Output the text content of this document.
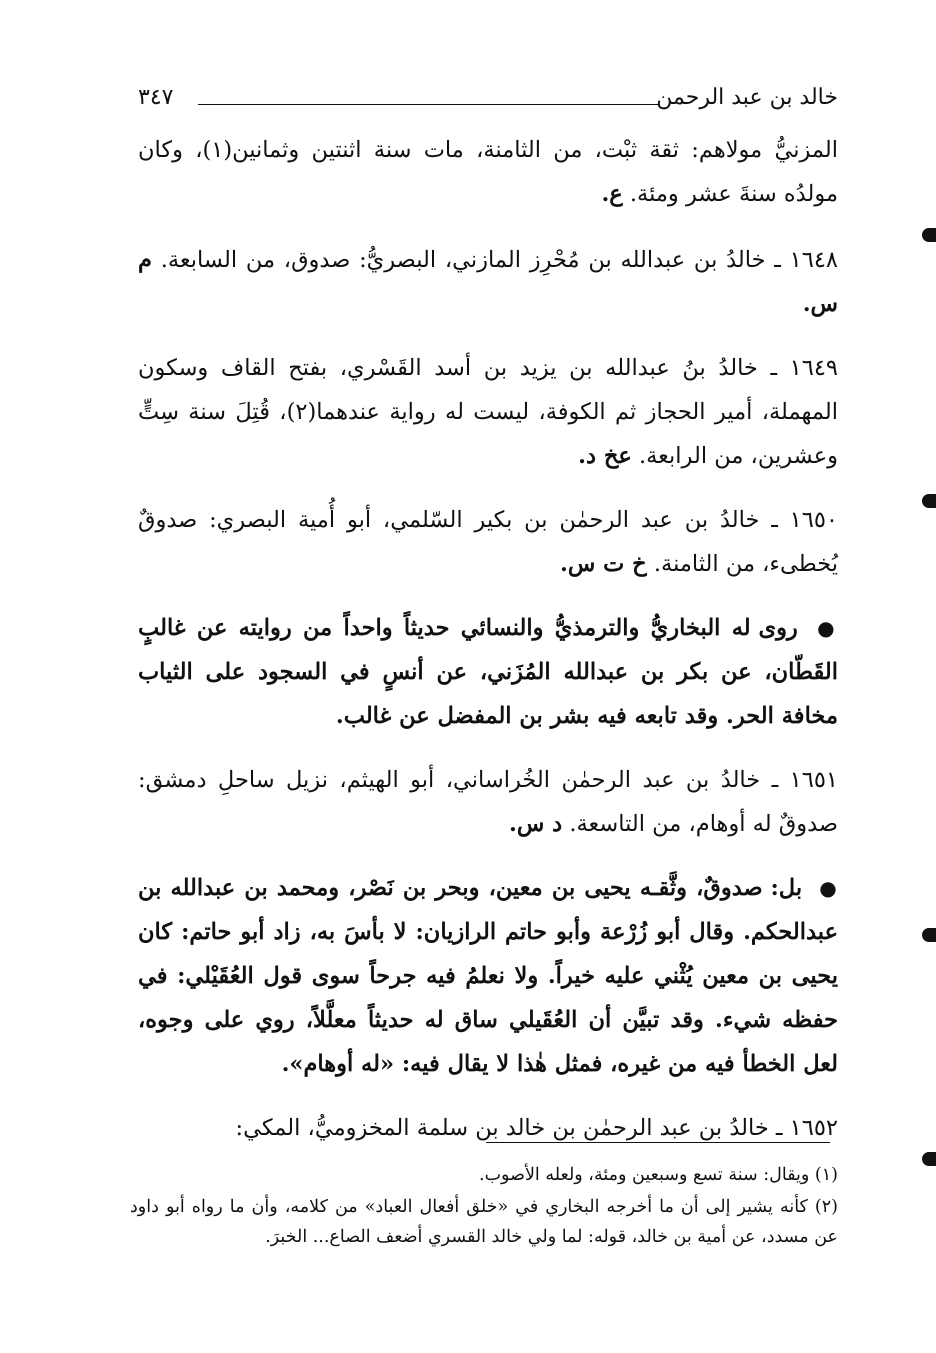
خالد بن عبد الرحمن
٣٤٧

المزنيُّ مولاهم: ثقة ثبْت، من الثامنة، مات سنة اثنتين وثمانين(١)، وكان مولدُه سنةَ عشر ومئة. ع.

١٦٤٨ ـ خالدُ بن عبدالله بن مُحْرِز المازني، البصريُّ: صدوق، من السابعة. م س.

١٦٤٩ ـ خالدُ بنُ عبدالله بن يزيد بن أسد القَسْري، بفتح القاف وسكون المهملة، أمير الحجاز ثم الكوفة، ليست له رواية عندهما(٢)، قُتِلَ سنة سِتٍّ وعشرين، من الرابعة. عخ د.

١٦٥٠ ـ خالدُ بن عبد الرحمٰن بن بكير السّلمي، أبو أُمية البصري: صدوقٌ يُخطىء، من الثامنة. خ ت س.

● روى له البخاريُّ والترمذيُّ والنسائي حديثاً واحداً من روايته عن غالبٍ القَطّان، عن بكر بن عبدالله المُزَني، عن أنسٍ في السجود على الثياب مخافة الحر. وقد تابعه فيه بشر بن المفضل عن غالب.

١٦٥١ ـ خالدُ بن عبد الرحمٰن الخُراساني، أبو الهيثم، نزيل ساحلِ دمشق: صدوقٌ له أوهام، من التاسعة. د س.

● بل: صدوقٌ، وثَّقـه يحيى بن معين، وبحر بن نَصْر، ومحمد بن عبدالله بن عبدالحكم. وقال أبو زُرْعة وأبو حاتم الرازيان: لا بأسَ به، زاد أبو حاتم: كان يحيى بن معين يُثْني عليه خيراً. ولا نعلمُ فيه جرحاً سوى قول العُقَيْلي: في حفظه شيء. وقد تبيَّن أن العُقَيلي ساق له حديثاً معلَّلاً، روي على وجوه، لعل الخطأ فيه من غيره، فمثل هٰذا لا يقال فيه: «له أوهام».

١٦٥٢ ـ خالدُ بن عبد الرحمٰن بن خالد بن سلمة المخزوميُّ، المكي:

(١) ويقال: سنة تسع وسبعين ومئة، ولعله الأصوب.

(٢) كأنه يشير إلى أن ما أخرجه البخاري في «خلق أفعال العباد» من كلامه، وأن ما رواه أبو داود عن مسدد، عن أمية بن خالد، قوله: لما ولي خالد القسري أضعف الصاع... الخبرَ.
